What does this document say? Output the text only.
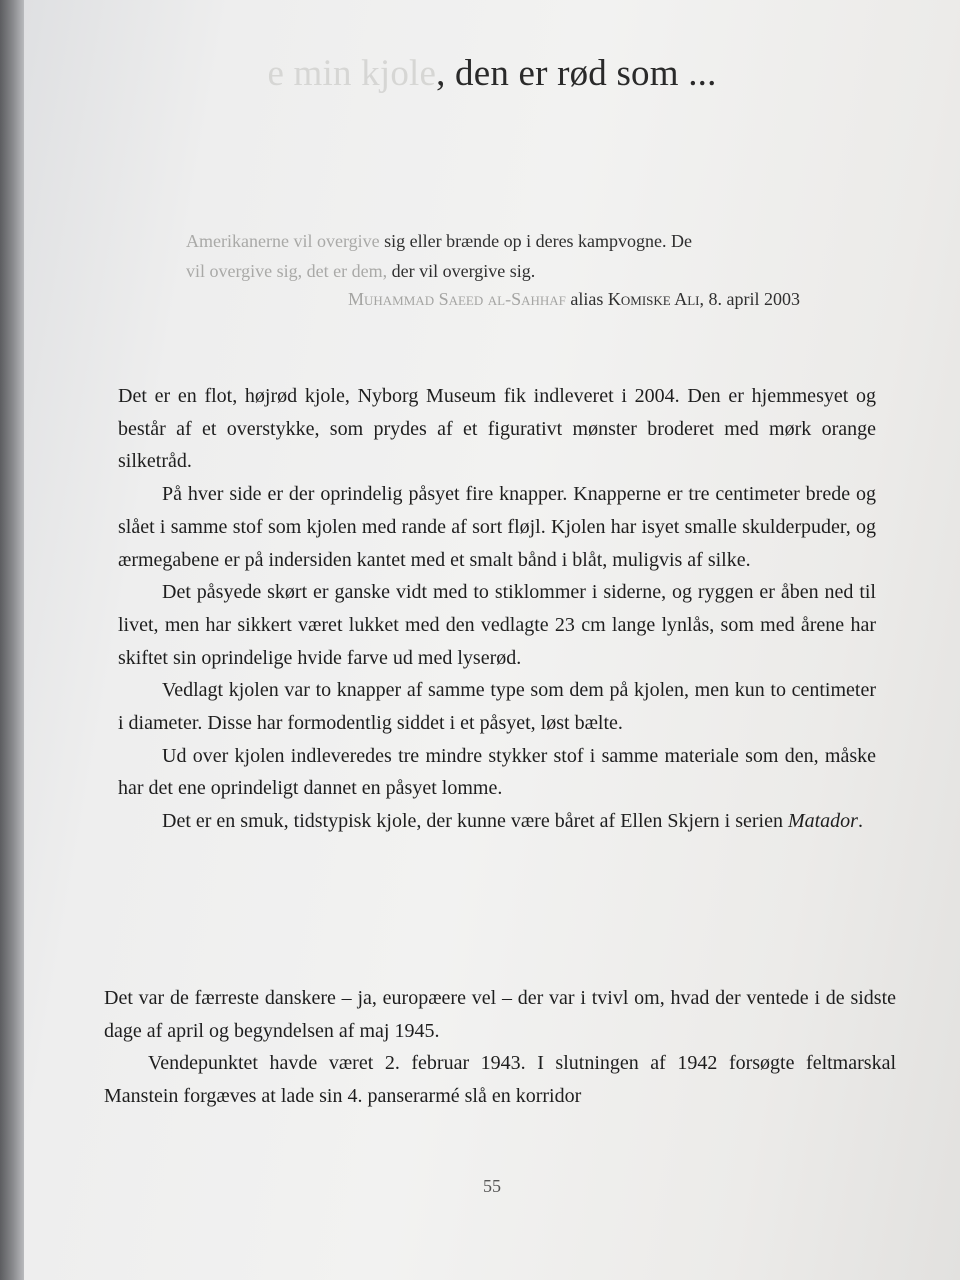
e min kjole, den er rød som ...
Amerikanerne vil overgive sig eller brænde op i deres kampvogne. De
vil overgive sig, det er dem, der vil overgive sig.
Muhammad Saeed al-Sahhaf alias Komiske Ali, 8. april 2003

Det er en flot, højrød kjole, Nyborg Museum fik indleveret i 2004. Den er hjemmesyet og består af et overstykke, som prydes af et figurativt mønster broderet med mørk orange silketråd.

På hver side er der oprindelig påsyet fire knapper. Knapperne er tre centimeter brede og slået i samme stof som kjolen med rande af sort fløjl. Kjolen har isyet smalle skulderpuder, og ærmegabene er på indersiden kantet med et smalt bånd i blåt, muligvis af silke.

Det påsyede skørt er ganske vidt med to stiklommer i siderne, og ryggen er åben ned til livet, men har sikkert været lukket med den vedlagte 23 cm lange lynlås, som med årene har skiftet sin oprindelige hvide farve ud med lyserød.

Vedlagt kjolen var to knapper af samme type som dem på kjolen, men kun to centimeter i diameter. Disse har formodentlig siddet i et påsyet, løst bælte.

Ud over kjolen indleveredes tre mindre stykker stof i samme materiale som den, måske har det ene oprindeligt dannet en påsyet lomme.

Det er en smuk, tidstypisk kjole, der kunne være båret af Ellen Skjern i serien Matador.

Det var de færreste danskere – ja, europæere vel – der var i tvivl om, hvad der ventede i de sidste dage af april og begyndelsen af maj 1945.

Vendepunktet havde været 2. februar 1943. I slutningen af 1942 forsøgte feltmarskal Manstein forgæves at lade sin 4. panserarmé slå en korridor

55
